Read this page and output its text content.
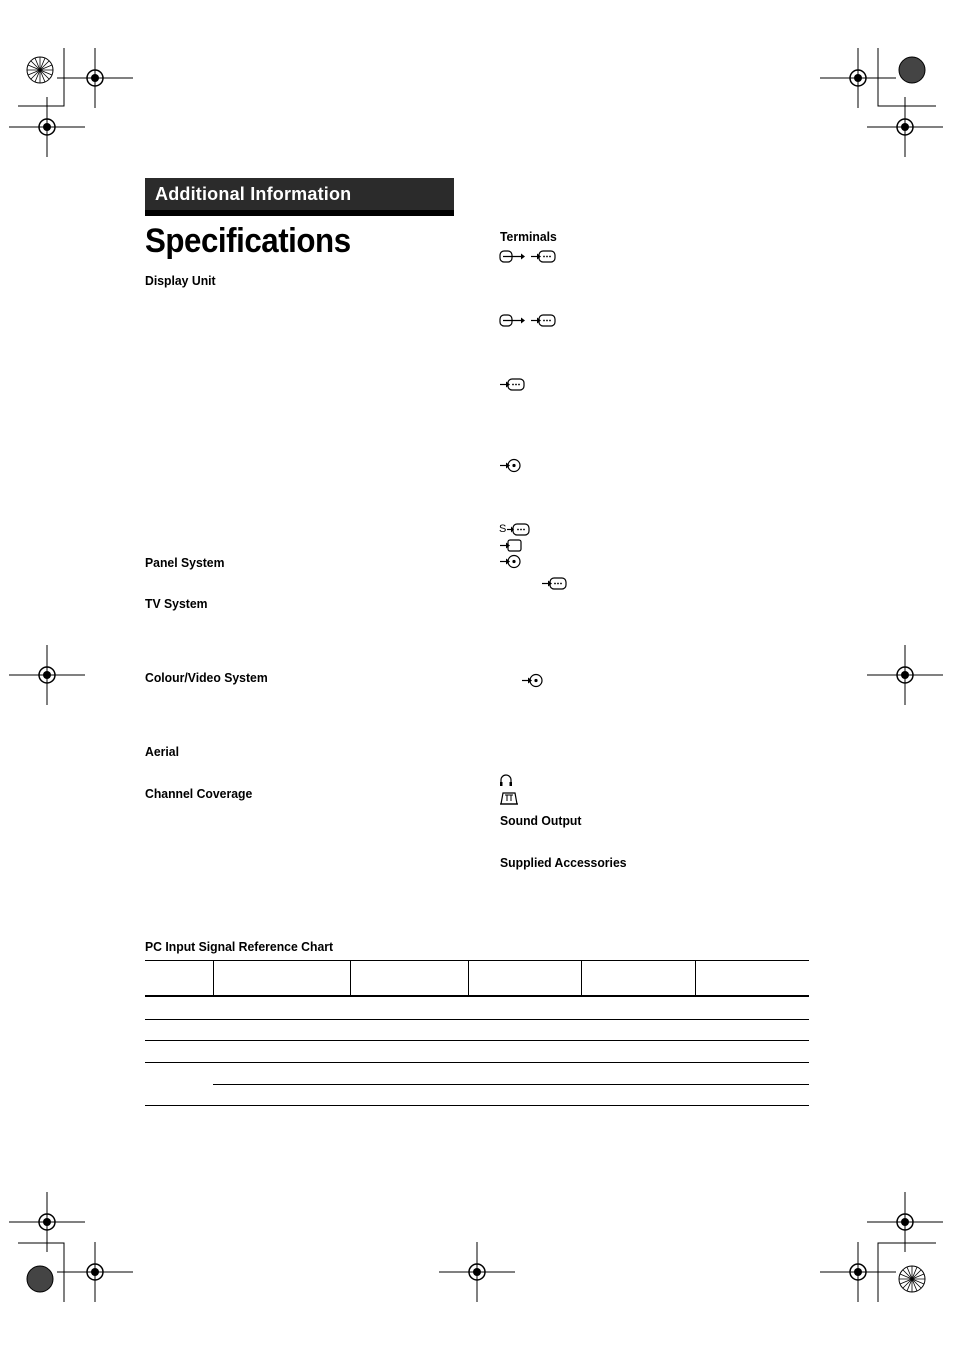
Additional Information
Specifications
Display Unit
Panel System
TV System
Colour/Video System
Aerial
Channel Coverage
Terminals
Sound Output
Supplied Accessories
S
PC Input Signal Reference Chart
